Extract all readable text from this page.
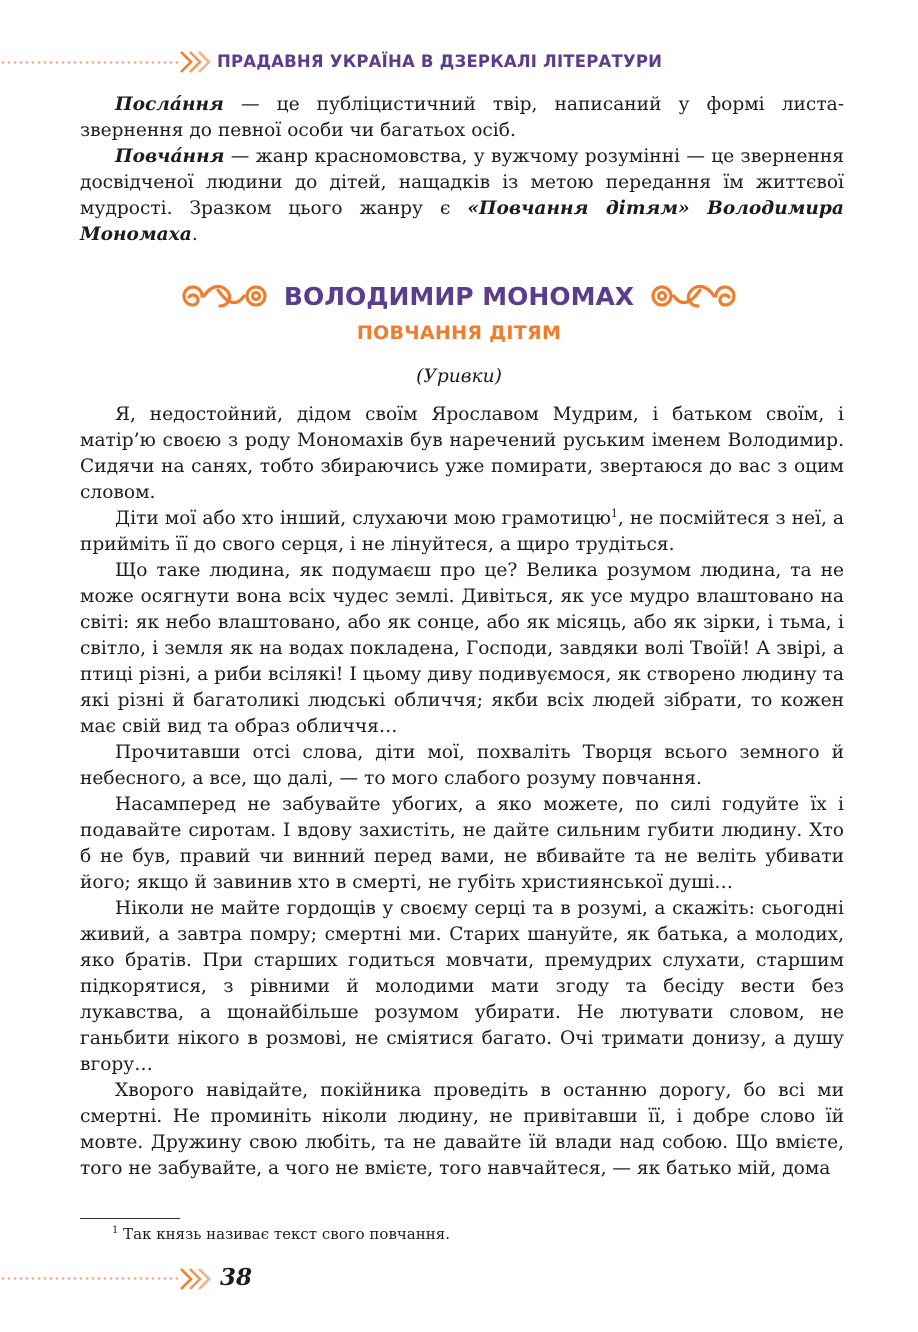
ПРАДАВНЯ УКРАЇНА В ДЗЕРКАЛІ ЛІТЕРАТУРИ

Посла́ння — це публіцистичний твір, написаний у формі листа-звернення до певної особи чи багатьох осіб.

Повча́ння — жанр красномовства, у вужчому розумінні — це звернення досвідченої людини до дітей, нащадків із метою передання їм життєвої мудрості. Зразком цього жанру є «Повчання дітям» Володимира Мономаха.

ВОЛОДИМИР МОНОМАХ
ПОВЧАННЯ ДІТЯМ
(Уривки)

Я, недостойний, дідом своїм Ярославом Мудрим, і батьком своїм, і матір’ю своєю з роду Мономахів був наречений руським іменем Володимир. Сидячи на санях, тобто збираючись уже помирати, звертаюся до вас з оцим словом.

Діти мої або хто інший, слухаючи мою грамотицю$^1$, не посмійтеся з неї, а прийміть її до свого серця, і не лінуйтеся, а щиро трудіться.

Що таке людина, як подумаєш про це? Велика розумом людина, та не може осягнути вона всіх чудес землі. Дивіться, як усе мудро влаштовано на світі: як небо влаштовано, або як сонце, або як місяць, або як зірки, і тьма, і світло, і земля як на водах покладена, Господи, завдяки волі Твоїй! А звірі, а птиці різні, а риби всілякі! І цьому диву подивуємося, як створено людину та які різні й багатоликі людські обличчя; якби всіх людей зібрати, то кожен має свій вид та образ обличчя…

Прочитавши отсі слова, діти мої, похваліть Творця всього земного й небесного, а все, що далі, — то мого слабого розуму повчання.

Насамперед не забувайте убогих, а яко можете, по силі годуйте їх і подавайте сиротам. І вдову захистіть, не дайте сильним губити людину. Хто б не був, правий чи винний перед вами, не вбивайте та не веліть убивати його; якщо й завинив хто в смерті, не губіть християнської душі…

Ніколи не майте гордощів у своєму серці та в розумі, а скажіть: сьогодні живий, а завтра помру; смертні ми. Старих шануйте, як батька, а молодих, яко братів. При старших годиться мовчати, премудрих слухати, старшим підкорятися, з рівними й молодими мати згоду та бесіду вести без лукавства, а щонайбільше розумом убирати. Не лютувати словом, не ганьбити нікого в розмові, не сміятися багато. Очі тримати донизу, а душу вгору…

Хворого навідайте, покійника проведіть в останню дорогу, бо всі ми смертні. Не проминіть ніколи людину, не привітавши її, і добре слово їй мовте. Дружину свою любіть, та не давайте їй влади над собою. Що вмієте, того не забувайте, а чого не вмієте, того навчайтеся, — як батько мій, дома

$^1$ Так князь називає текст свого повчання.
38
